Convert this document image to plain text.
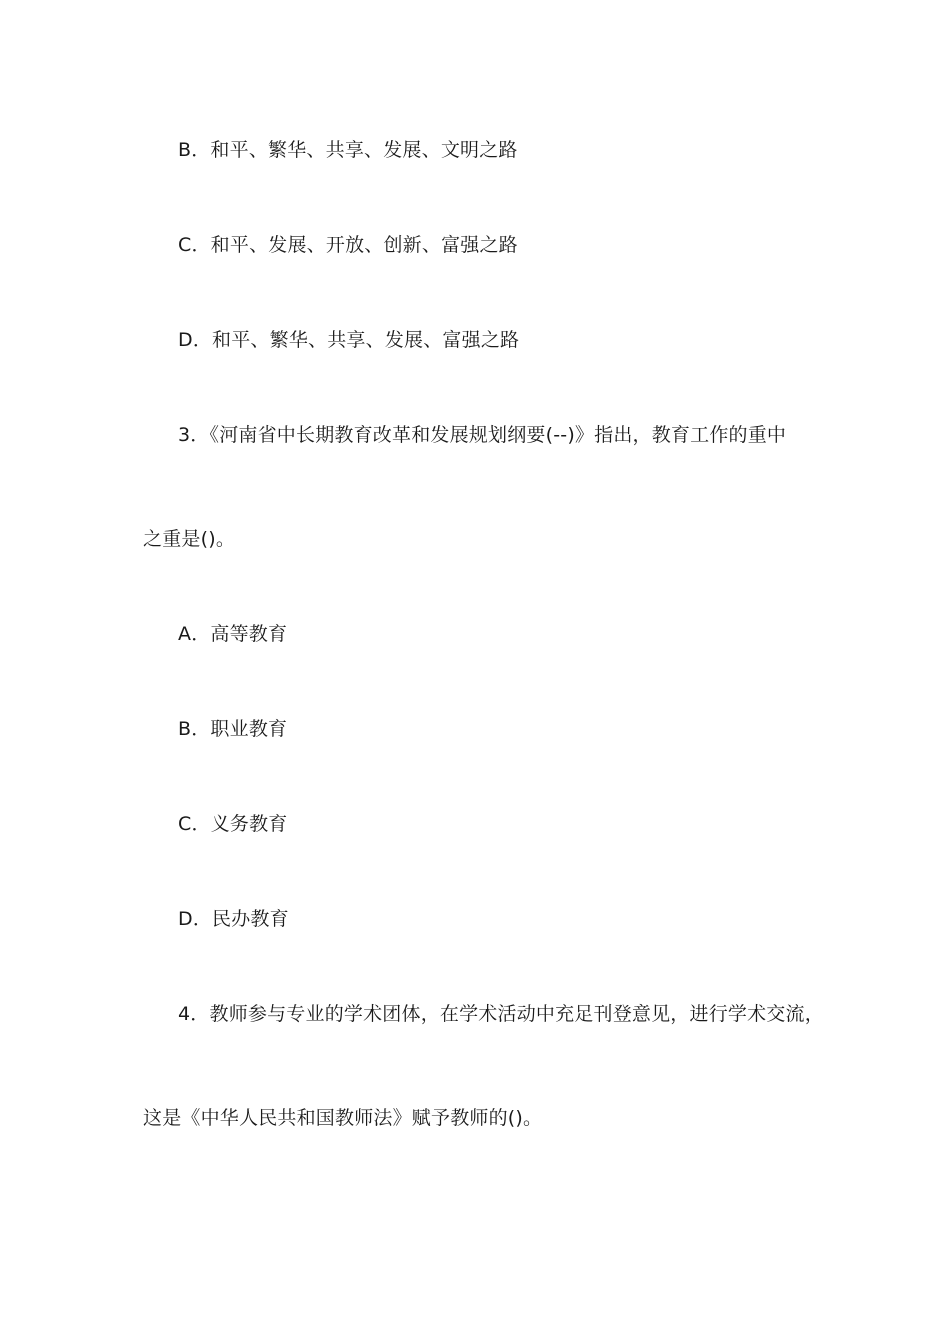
B．和平、繁华、共享、发展、文明之路
C．和平、发展、开放、创新、富强之路
D．和平、繁华、共享、发展、富强之路
3．《河南省中长期教育改革和发展规划纲要(--)》指出，教育工作的重中
之重是()。
A．高等教育
B．职业教育
C．义务教育
D．民办教育
4．教师参与专业的学术团体，在学术活动中充足刊登意见，进行学术交流，
这是《中华人民共和国教师法》赋予教师的()。
